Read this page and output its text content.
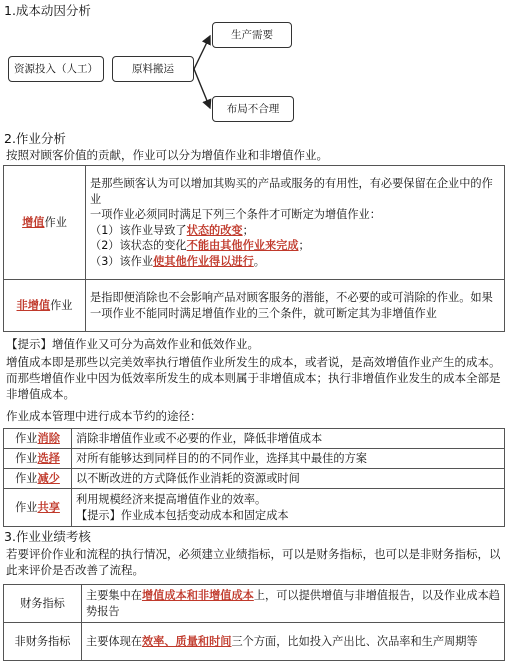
1.成本动因分析
资源投入（人工）	原料搬运
生产需要
布局不合理
2.作业分析
按照对顾客价值的贡献，作业可以分为增值作业和非增值作业。
增值作业	是那些顾客认为可以增加其购买的产品或服务的有用性，有必要保留在企业中的作业
一项作业必须同时满足下列三个条件才可断定为增值作业：
（1）该作业导致了状态的改变；
（2）该状态的变化不能由其他作业来完成；
（3）该作业使其他作业得以进行。

非增值作业	是指即便消除也不会影响产品对顾客服务的潜能，不必要的或可消除的作业。如果一项作业不能同时满足增值作业的三个条件，就可断定其为非增值作业
【提示】增值作业又可分为高效作业和低效作业。
增值成本即是那些以完美效率执行增值作业所发生的成本，或者说，是高效增值作业产生的成本。而那些增值作业中因为低效率所发生的成本则属于非增值成本；执行非增值作业发生的成本全部是非增值成本。
作业成本管理中进行成本节约的途径：
作业消除	消除非增值作业或不必要的作业，降低非增值成本
作业选择	对所有能够达到同样目的的不同作业，选择其中最佳的方案
作业减少	以不断改进的方式降低作业消耗的资源或时间
作业共享	利用规模经济来提高增值作业的效率。
【提示】作业成本包括变动成本和固定成本
3.作业业绩考核
若要评价作业和流程的执行情况，必须建立业绩指标，可以是财务指标，也可以是非财务指标，以此来评价是否改善了流程。
财务指标	主要集中在增值成本和非增值成本上，可以提供增值与非增值报告，以及作业成本趋势报告
非财务指标	主要体现在效率、质量和时间三个方面，比如投入产出比、次品率和生产周期等
